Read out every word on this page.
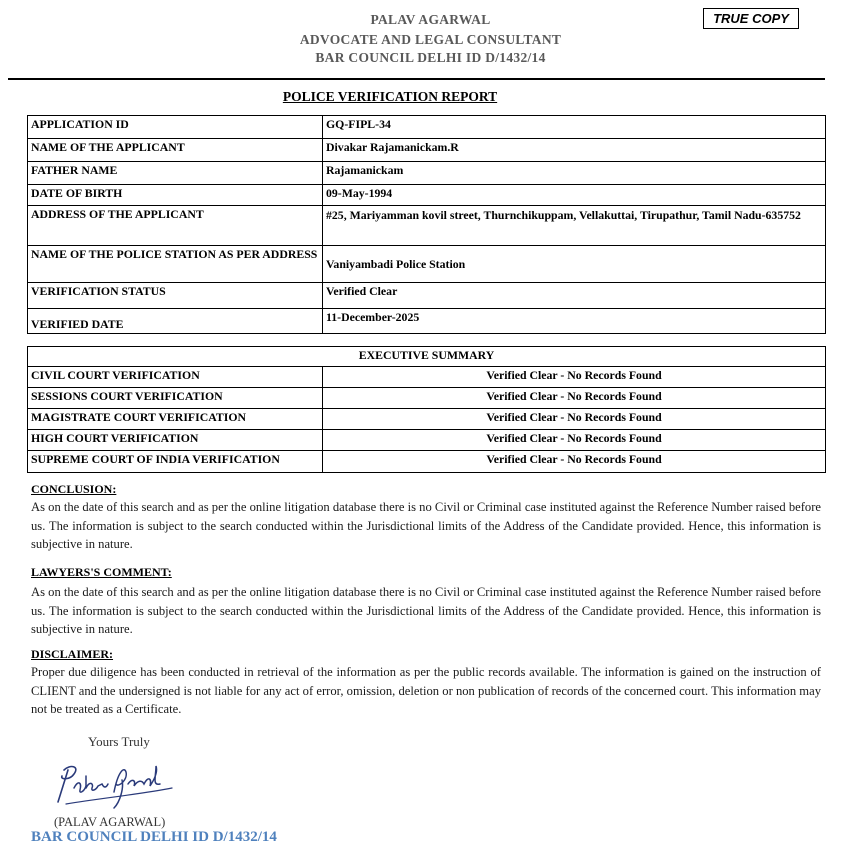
PALAV AGARWAL
ADVOCATE AND LEGAL CONSULTANT
BAR COUNCIL DELHI ID D/1432/14
TRUE COPY
POLICE VERIFICATION REPORT
APPLICATION ID	GQ-FIPL-34
NAME OF THE APPLICANT	Divakar Rajamanickam.R
FATHER NAME	Rajamanickam
DATE OF BIRTH	09-May-1994
ADDRESS OF THE APPLICANT	#25, Mariyamman kovil street, Thurnchikuppam, Vellakuttai, Tirupathur, Tamil Nadu-635752
NAME OF THE POLICE STATION AS PER ADDRESS	Vaniyambadi Police Station
VERIFICATION STATUS	Verified Clear
VERIFIED DATE	11-December-2025
EXECUTIVE SUMMARY	
CIVIL COURT VERIFICATION	Verified Clear - No Records Found
SESSIONS COURT VERIFICATION	Verified Clear - No Records Found
MAGISTRATE COURT VERIFICATION	Verified Clear - No Records Found
HIGH COURT VERIFICATION	Verified Clear - No Records Found
SUPREME COURT OF INDIA VERIFICATION	Verified Clear - No Records Found
CONCLUSION:
As on the date of this search and as per the online litigation database there is no Civil or Criminal case instituted against the Reference Number raised before us. The information is subject to the search conducted within the Jurisdictional limits of the Address of the Candidate provided. Hence, this information is subjective in nature.
LAWYERS'S COMMENT:
As on the date of this search and as per the online litigation database there is no Civil or Criminal case instituted against the Reference Number raised before us. The information is subject to the search conducted within the Jurisdictional limits of the Address of the Candidate provided. Hence, this information is subjective in nature.
DISCLAIMER:
Proper due diligence has been conducted in retrieval of the information as per the public records available. The information is gained on the instruction of CLIENT and the undersigned is not liable for any act of error, omission, deletion or non publication of records of the concerned court. This information may not be treated as a Certificate.
Yours Truly
(PALAV AGARWAL)
BAR COUNCIL DELHI ID D/1432/14
